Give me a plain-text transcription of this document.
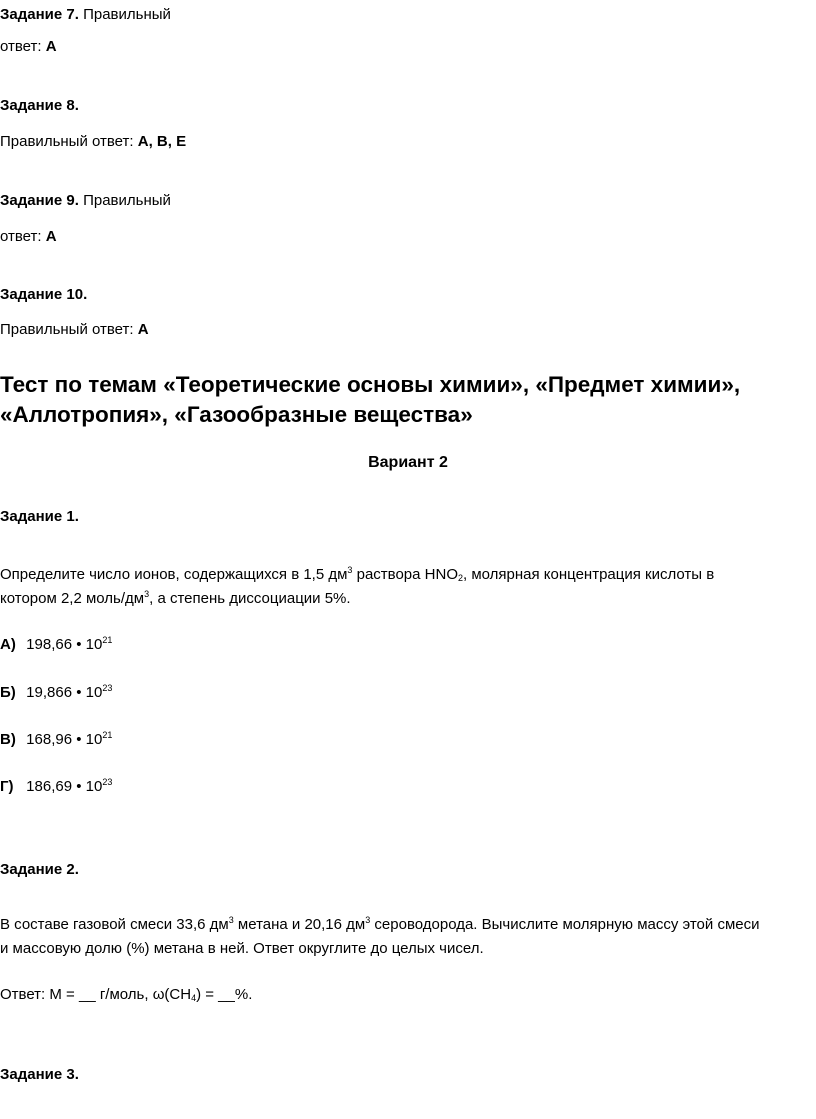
Задание 7. Правильный
ответ: А
Задание 8.
Правильный ответ: А, В, Е
Задание 9. Правильный
ответ: А
Задание 10.
Правильный ответ: А
Тест по темам «Теоретические основы химии», «Предмет химии»,
«Аллотропия», «Газообразные вещества»
Вариант 2
Задание 1.
Определите число ионов, содержащихся в 1,5 $дм^3$ раствора $HNO_2$, молярная концентрация кислоты в
котором 2,2 моль/$дм^3$, а степень диссоциации 5%.
А) 198,66 • $10^{21}$
Б) 19,866 • $10^{23}$
В) 168,96 • $10^{21}$
Г) 186,69 • $10^{23}$
Задание 2.
В составе газовой смеси 33,6 $дм^3$ метана и 20,16 $дм^3$ сероводорода. Вычислите молярную массу этой смеси
и массовую долю (%) метана в ней. Ответ округлите до целых чисел.
Ответ: M = __ г/моль, $\omega(CH_4)$ = __%.
Задание 3.
